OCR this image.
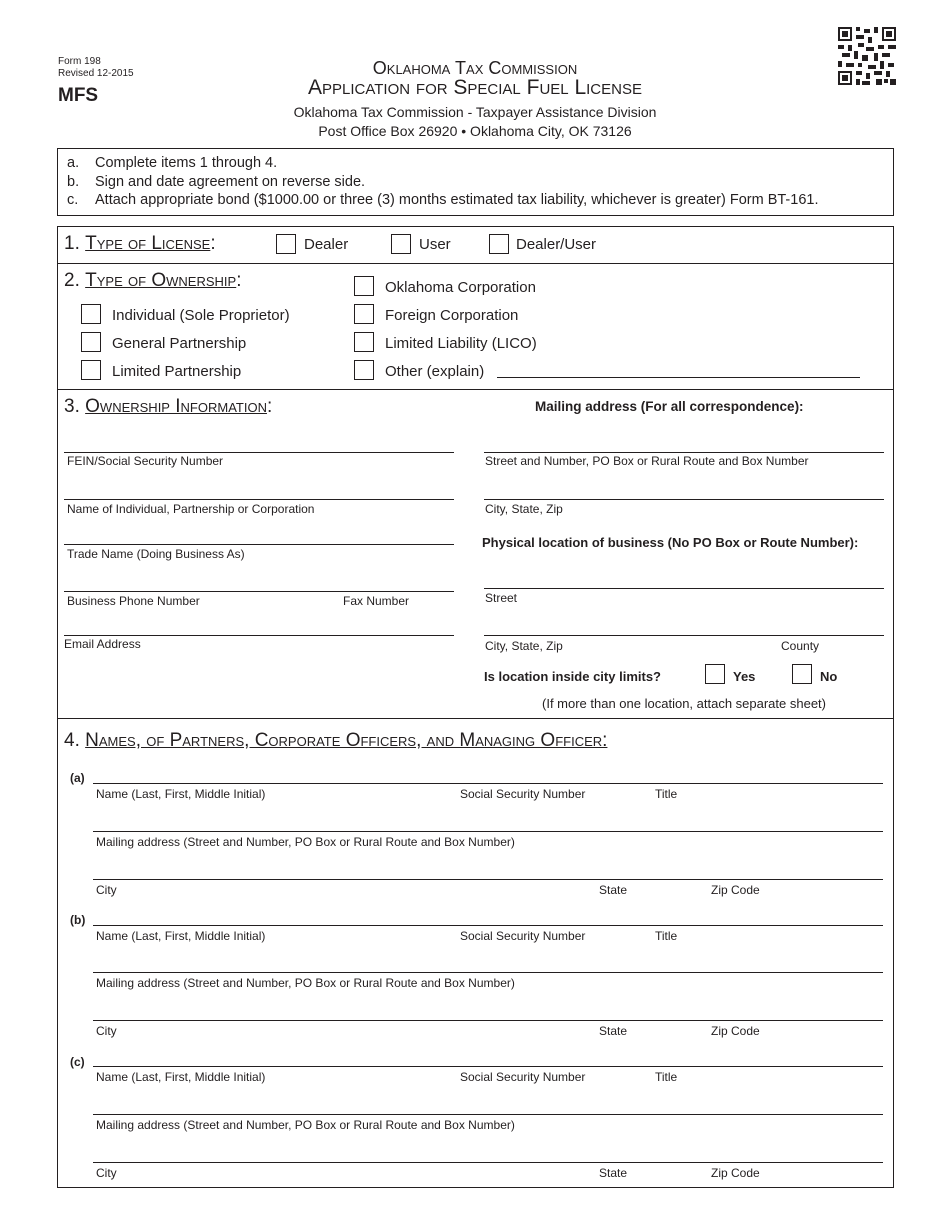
Form 198
Revised 12-2015
MFS
Oklahoma Tax Commission
Application for Special Fuel License
Oklahoma Tax Commission - Taxpayer Assistance Division
Post Office Box 26920 • Oklahoma City, OK 73126
a. Complete items 1 through 4.
b. Sign and date agreement on reverse side.
c. Attach appropriate bond ($1000.00 or three (3) months estimated tax liability, whichever is greater) Form BT-161.
1. Type of License:	Dealer	User	Dealer/User
2. Type of Ownership:
Individual (Sole Proprietor)
General Partnership
Limited Partnership
Oklahoma Corporation
Foreign Corporation
Limited Liability (LICO)
Other (explain)
3. Ownership Information:	Mailing address (For all correspondence):
FEIN/Social Security Number
Name of Individual, Partnership or Corporation
Trade Name (Doing Business As)
Business Phone Number	Fax Number
Email Address
Street and Number, PO Box or Rural Route and Box Number
City, State, Zip
Physical location of business (No PO Box or Route Number):
Street
City, State, Zip	County
Is location inside city limits?	Yes	No
(If more than one location, attach separate sheet)
4. Names, of Partners, Corporate Officers, and Managing Officer:
(a)
Name (Last, First, Middle Initial)	Social Security Number	Title
Mailing address (Street and Number, PO Box or Rural Route and Box Number)
City	State	Zip Code
(b)
Name (Last, First, Middle Initial)	Social Security Number	Title
Mailing address (Street and Number, PO Box or Rural Route and Box Number)
City	State	Zip Code
(c)
Name (Last, First, Middle Initial)	Social Security Number	Title
Mailing address (Street and Number, PO Box or Rural Route and Box Number)
City	State	Zip Code
